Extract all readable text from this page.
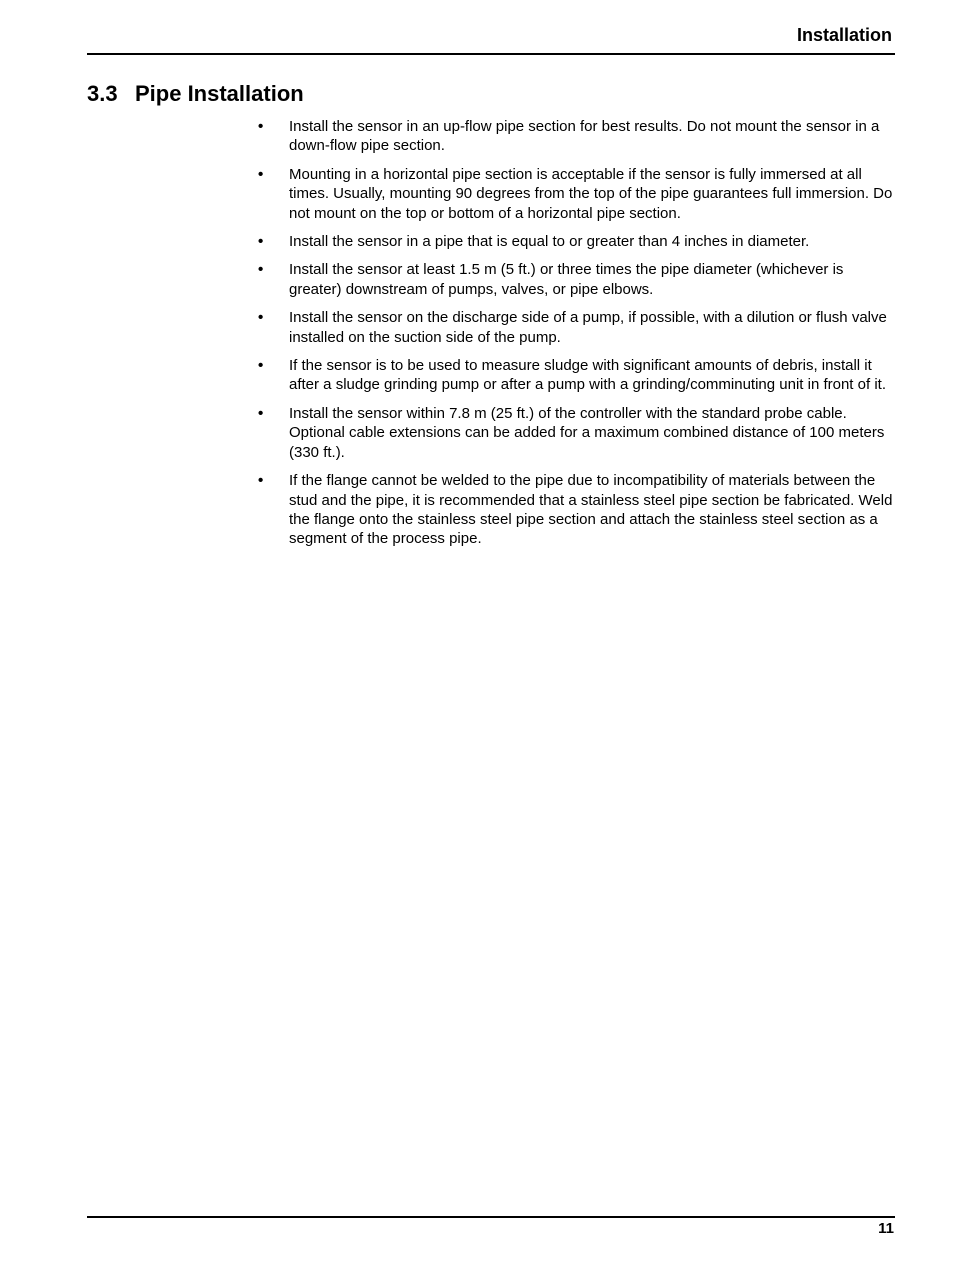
Installation
3.3 Pipe Installation
• Install the sensor in an up-flow pipe section for best results. Do not mount the sensor in a down-flow pipe section.
• Mounting in a horizontal pipe section is acceptable if the sensor is fully immersed at all times. Usually, mounting 90 degrees from the top of the pipe guarantees full immersion. Do not mount on the top or bottom of a horizontal pipe section.
• Install the sensor in a pipe that is equal to or greater than 4 inches in diameter.
• Install the sensor at least 1.5 m (5 ft.) or three times the pipe diameter (whichever is greater) downstream of pumps, valves, or pipe elbows.
• Install the sensor on the discharge side of a pump, if possible, with a dilution or flush valve installed on the suction side of the pump.
• If the sensor is to be used to measure sludge with significant amounts of debris, install it after a sludge grinding pump or after a pump with a grinding/comminuting unit in front of it.
• Install the sensor within 7.8 m (25 ft.) of the controller with the standard probe cable. Optional cable extensions can be added for a maximum combined distance of 100 meters (330 ft.).
• If the flange cannot be welded to the pipe due to incompatibility of materials between the stud and the pipe, it is recommended that a stainless steel pipe section be fabricated. Weld the flange onto the stainless steel pipe section and attach the stainless steel section as a segment of the process pipe.
11
